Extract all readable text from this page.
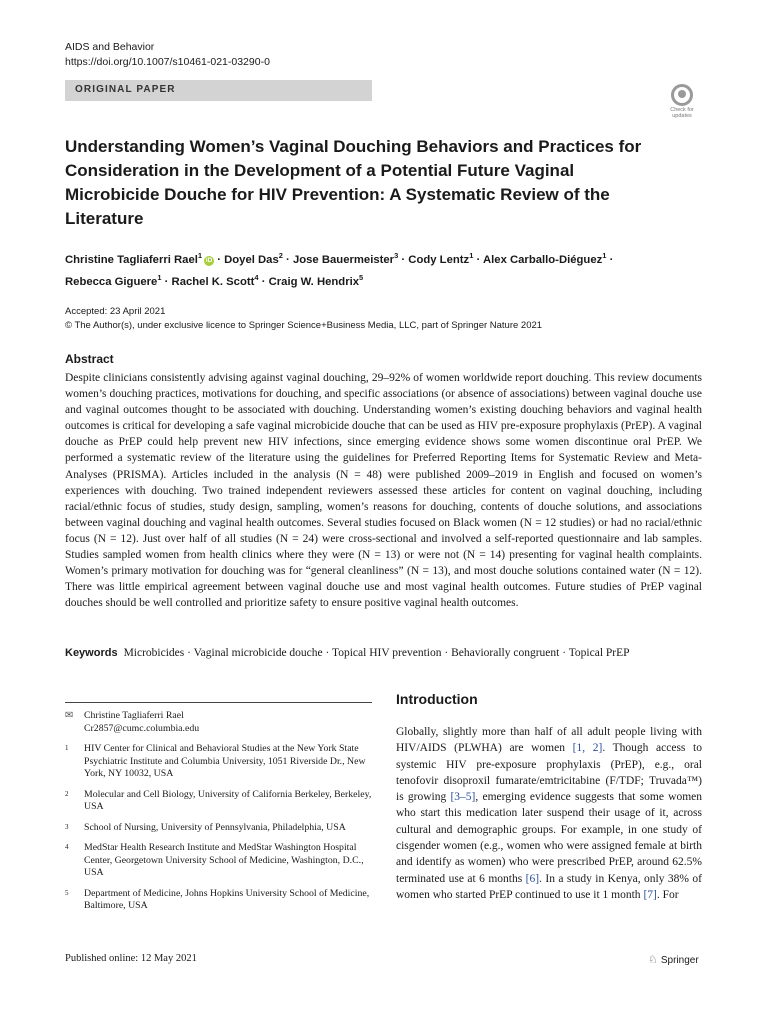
AIDS and Behavior
https://doi.org/10.1007/s10461-021-03290-0
ORIGINAL PAPER
Check for updates
Understanding Women’s Vaginal Douching Behaviors and Practices for Consideration in the Development of a Potential Future Vaginal Microbicide Douche for HIV Prevention: A Systematic Review of the Literature
Christine Tagliaferri Rael$^1$iD · Doyel Das$^2$ · Jose Bauermeister$^3$ · Cody Lentz$^1$ · Alex Carballo-Diéguez$^1$ ·
Rebecca Giguere$^1$ · Rachel K. Scott$^4$ · Craig W. Hendrix$^5$
Accepted: 23 April 2021
© The Author(s), under exclusive licence to Springer Science+Business Media, LLC, part of Springer Nature 2021
Abstract

Despite clinicians consistently advising against vaginal douching, 29–92% of women worldwide report douching. This review documents women’s douching practices, motivations for douching, and specific associations (or absence of associations) between vaginal douche use and vaginal outcomes thought to be associated with douching. Understanding women’s existing douching behaviors and vaginal health outcomes is critical for developing a safe vaginal microbicide douche that can be used as HIV pre-exposure prophylaxis (PrEP). A vaginal douche as PrEP could help prevent new HIV infections, since emerging evidence shows some women discontinue oral PrEP. We performed a systematic review of the literature using the guidelines for Preferred Reporting Items for Systematic Review and Meta-Analyses (PRISMA). Articles included in the analysis (N = 48) were published 2009–2019 in English and focused on women’s experiences with douching. Two trained independent reviewers assessed these articles for content on vaginal douching, including racial/ethnic focus of studies, study design, sampling, women’s reasons for douching, contents of douche solutions, and associations between vaginal douching and vaginal health outcomes. Several studies focused on Black women (N = 12 studies) or had no racial/ethnic focus (N = 12). Just over half of all studies (N = 24) were cross-sectional and involved a self-reported questionnaire and lab samples. Studies sampled women from health clinics where they were (N = 13) or were not (N = 14) presenting for vaginal health complaints. Women’s primary motivation for douching was for “general cleanliness” (N = 13), and most douche solutions contained water (N = 12). There was little empirical agreement between vaginal douche use and most vaginal health outcomes. Future studies of PrEP vaginal douches should be well controlled and prioritize safety to ensure positive vaginal health outcomes.

Keywords Microbicides · Vaginal microbicide douche · Topical HIV prevention · Behaviorally congruent · Topical PrEP
✉	Christine Tagliaferri Rael
Cr2857@cumc.columbia.edu
1	HIV Center for Clinical and Behavioral Studies at the New York State Psychiatric Institute and Columbia University, 1051 Riverside Dr., New York, NY 10032, USA
2	Molecular and Cell Biology, University of California Berkeley, Berkeley, USA
3	School of Nursing, University of Pennsylvania, Philadelphia, USA
4	MedStar Health Research Institute and MedStar Washington Hospital Center, Georgetown University School of Medicine, Washington, D.C., USA
5	Department of Medicine, Johns Hopkins University School of Medicine, Baltimore, USA
Introduction

Globally, slightly more than half of all adult people living with HIV/AIDS (PLWHA) are women [1, 2]. Though access to systemic HIV pre-exposure prophylaxis (PrEP), e.g., oral tenofovir disoproxil fumarate/emtricitabine (F/TDF; Truvada™) is growing [3–5], emerging evidence suggests that some women who start this medication later suspend their usage of it, across cultural and demographic groups. For example, in one study of cisgender women (e.g., women who were assigned female at birth and identify as women) who were prescribed PrEP, around 62.5% terminated use at 6 months [6]. In a study in Kenya, only 38% of women who started PrEP continued to use it 1 month [7]. For

Published online: 12 May 2021	♘ Springer
